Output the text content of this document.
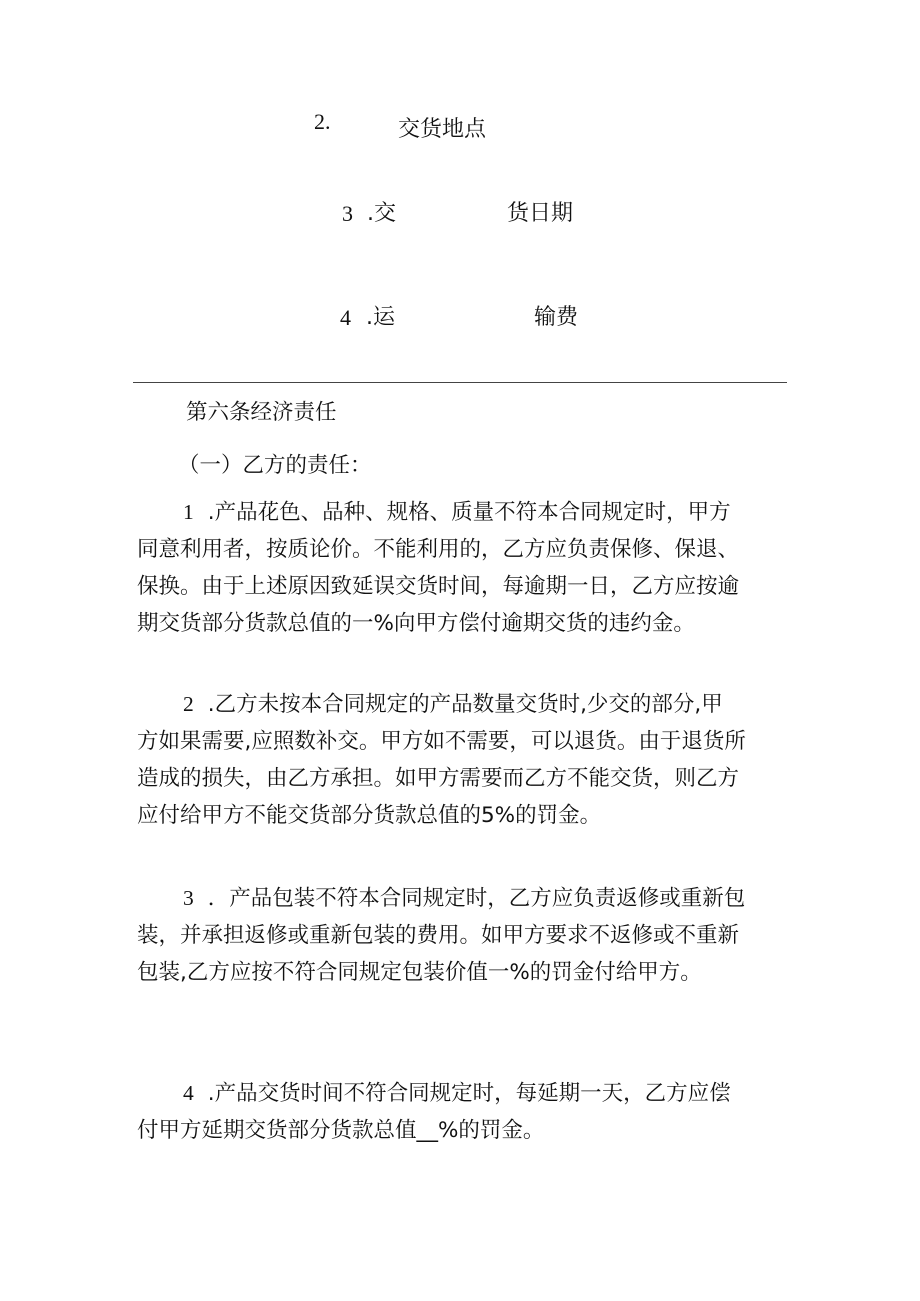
2.	交货地点
3 .交	货日期
4 .运	输费
第六条经济责任
（一）乙方的责任：
1 .产品花色、品种、规格、质量不符本合同规定时，甲方
同意利用者，按质论价。不能利用的，乙方应负责保修、保退、
保换。由于上述原因致延误交货时间，每逾期一日，乙方应按逾
期交货部分货款总值的一%向甲方偿付逾期交货的违约金。
2 .乙方未按本合同规定的产品数量交货时,少交的部分,甲
方如果需要,应照数补交。甲方如不需要，可以退货。由于退货所
造成的损失，由乙方承担。如甲方需要而乙方不能交货，则乙方
应付给甲方不能交货部分货款总值的5%的罚金。
3 ．产品包装不符本合同规定时，乙方应负责返修或重新包
装，并承担返修或重新包装的费用。如甲方要求不返修或不重新
包装,乙方应按不符合同规定包装价值一%的罚金付给甲方。
4 .产品交货时间不符合同规定时，每延期一天，乙方应偿
付甲方延期交货部分货款总值__%的罚金。
